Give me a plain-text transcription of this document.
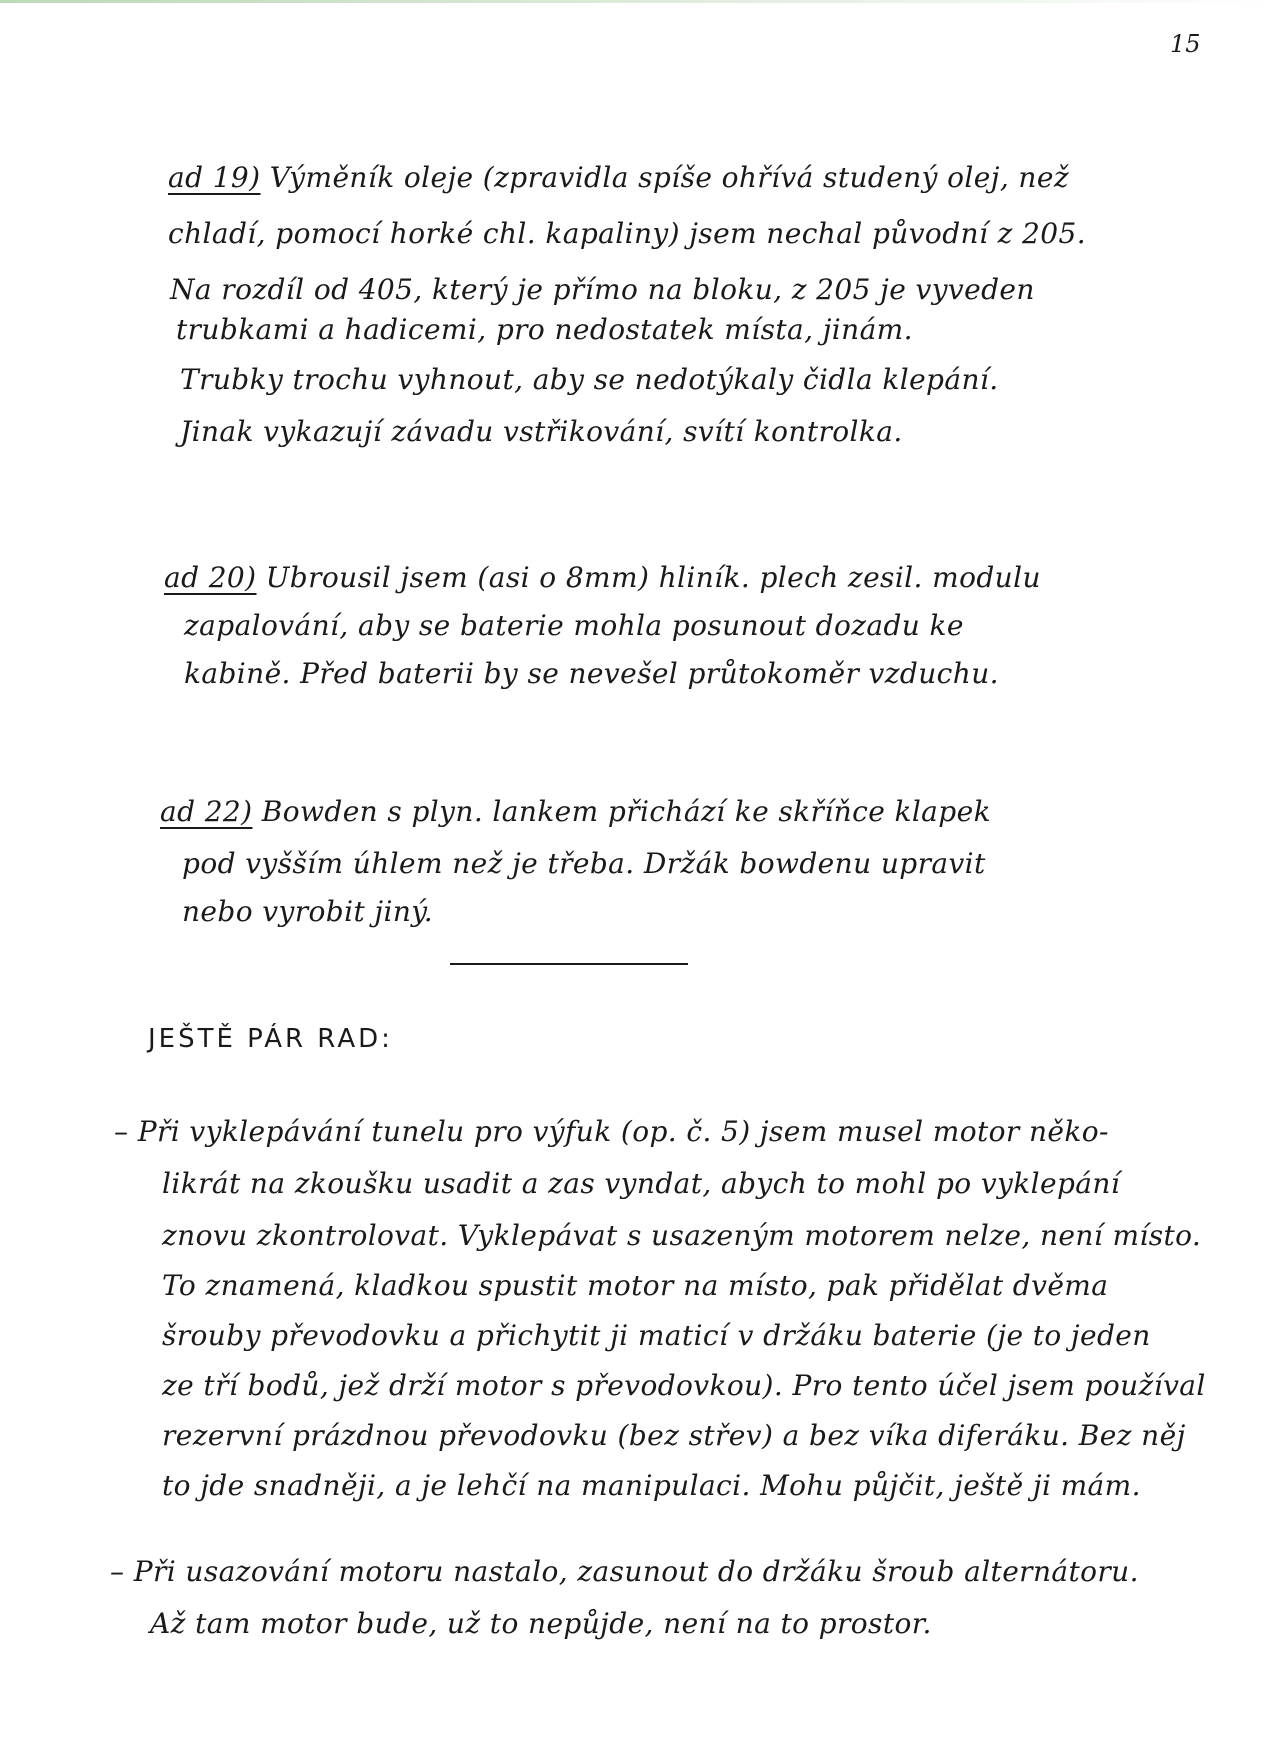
15
ad 19) Výměník oleje (zpravidla spíše ohřívá studený olej, než
chladí, pomocí horké chl. kapaliny) jsem nechal původní z 205.
Na rozdíl od 405, který je přímo na bloku, z 205 je vyveden
trubkami a hadicemi, pro nedostatek místa, jinám.
Trubky trochu vyhnout, aby se nedotýkaly čidla klepání.
Jinak vykazují závadu vstřikování, svítí kontrolka.
ad 20) Ubrousil jsem (asi o 8mm) hliník. plech zesil. modulu
zapalování, aby se baterie mohla posunout dozadu ke
kabině. Před baterii by se nevešel průtokoměr vzduchu.
ad 22) Bowden s plyn. lankem přichází ke skříňce klapek
pod vyšším úhlem než je třeba. Držák bowdenu upravit
nebo vyrobit jiný.
JEŠTĚ PÁR RAD:
– Při vyklepávání tunelu pro výfuk (op. č. 5) jsem musel motor něko-
likrát na zkoušku usadit a zas vyndat, abych to mohl po vyklepání
znovu zkontrolovat. Vyklepávat s usazeným motorem nelze, není místo.
To znamená, kladkou spustit motor na místo, pak přidělat dvěma
šrouby převodovku a přichytit ji maticí v držáku baterie (je to jeden
ze tří bodů, jež drží motor s převodovkou). Pro tento účel jsem používal
rezervní prázdnou převodovku (bez střev) a bez víka diferáku. Bez něj
to jde snadněji, a je lehčí na manipulaci. Mohu půjčit, ještě ji mám.
– Při usazování motoru nastalo, zasunout do držáku šroub alternátoru.
Až tam motor bude, už to nepůjde, není na to prostor.
